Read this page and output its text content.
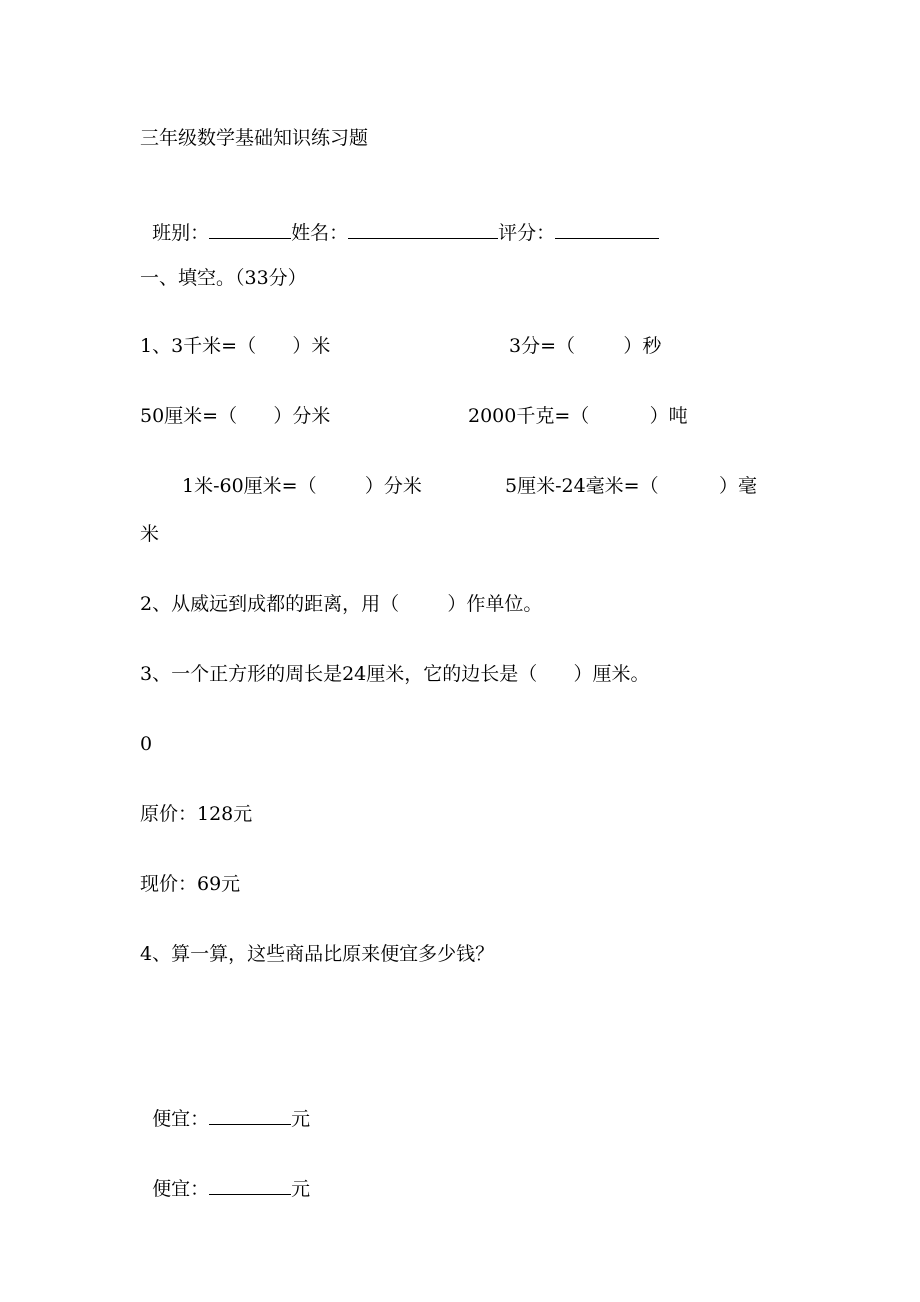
三年级数学基础知识练习题

班别：	姓名：	评分：

一、填空。（33分）
1、3千米=（      ）米	3分=（        ）秒
50厘米=（      ）分米	2000千克=（          ）吨
1米-60厘米=（        ）分米	5厘米-24毫米=（          ）毫
米
2、从威远到成都的距离，用（        ）作单位。
3、一个正方形的周长是24厘米，它的边长是（      ）厘米。
0
原价：128元
现价：69元
4、算一算，这些商品比原来便宜多少钱？

便宜：	元

便宜：	元
